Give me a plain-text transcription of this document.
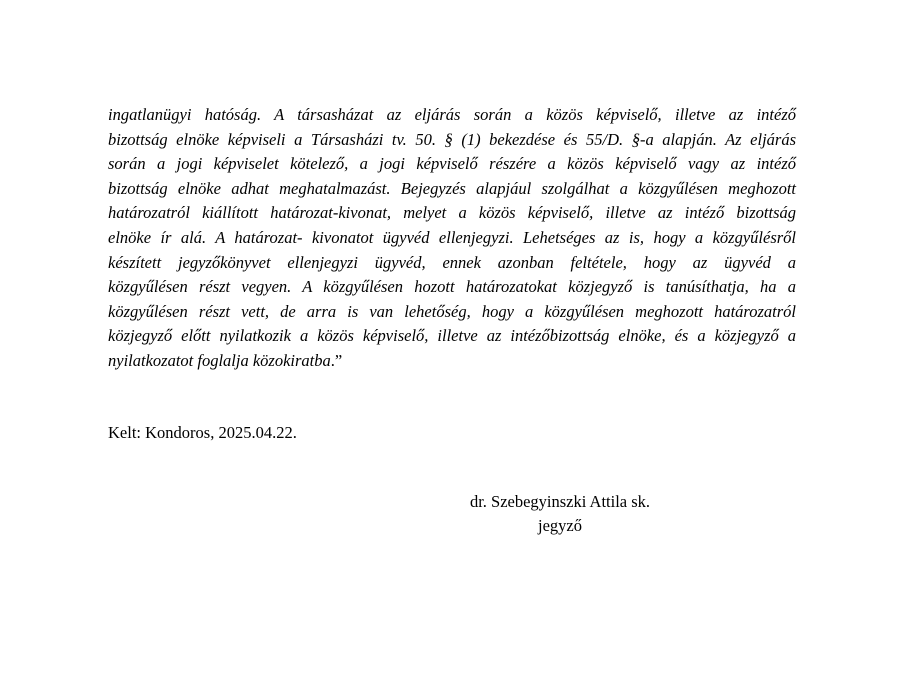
ingatlanügyi hatóság. A társasházat az eljárás során a közös képviselő, illetve az intéző
bizottság elnöke képviseli a Társasházi tv. 50. § (1) bekezdése és 55/D. §-a alapján. Az eljárás
során a jogi képviselet kötelező, a jogi képviselő részére a közös képviselő vagy az intéző
bizottság elnöke adhat meghatalmazást. Bejegyzés alapjául szolgálhat a közgyűlésen meghozott
határozatról kiállított határozat-kivonat, melyet a közös képviselő, illetve az intéző bizottság
elnöke ír alá. A határozat- kivonatot ügyvéd ellenjegyzi. Lehetséges az is, hogy a közgyűlésről
készített jegyzőkönyvet ellenjegyzi ügyvéd, ennek azonban feltétele, hogy az ügyvéd a
közgyűlésen részt vegyen. A közgyűlésen hozott határozatokat közjegyző is tanúsíthatja, ha a
közgyűlésen részt vett, de arra is van lehetőség, hogy a közgyűlésen meghozott határozatról
közjegyző előtt nyilatkozik a közös képviselő, illetve az intézőbizottság elnöke, és a közjegyző a
nyilatkozatot foglalja közokiratba.”

Kelt: Kondoros, 2025.04.22.

dr. Szebegyinszki Attila sk.
jegyző
